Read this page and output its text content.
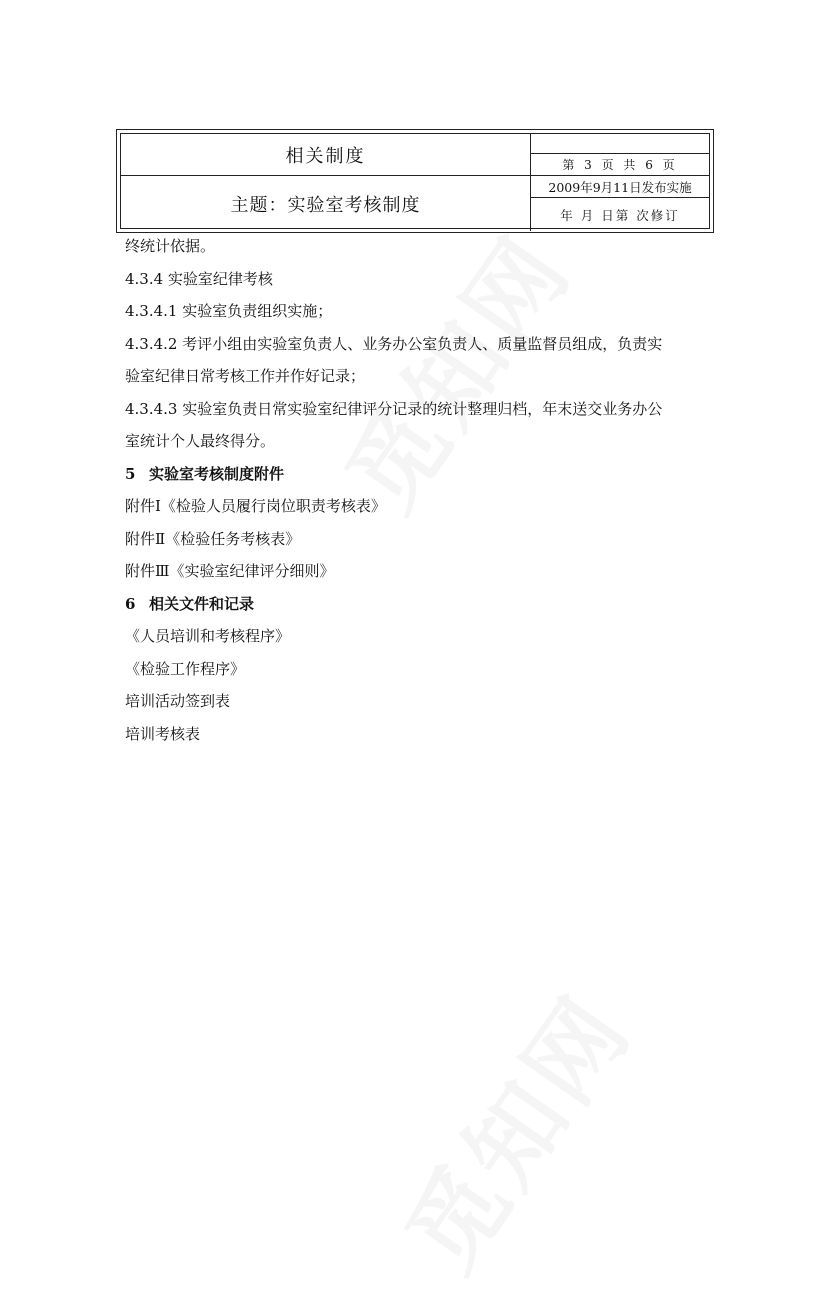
相关制度
主题：实验室考核制度
第 3 页 共 6 页
2009年9月11日发布实施
年 月 日第 次修订
终统计依据。
4.3.4 实验室纪律考核
4.3.4.1 实验室负责组织实施；
4.3.4.2 考评小组由实验室负责人、业务办公室负责人、质量监督员组成，负责实
验室纪律日常考核工作并作好记录；
4.3.4.3 实验室负责日常实验室纪律评分记录的统计整理归档，年末送交业务办公
室统计个人最终得分。
5 实验室考核制度附件
附件Ⅰ《检验人员履行岗位职责考核表》
附件Ⅱ《检验任务考核表》
附件Ⅲ《实验室纪律评分细则》
6 相关文件和记录
《人员培训和考核程序》
《检验工作程序》
培训活动签到表
培训考核表
